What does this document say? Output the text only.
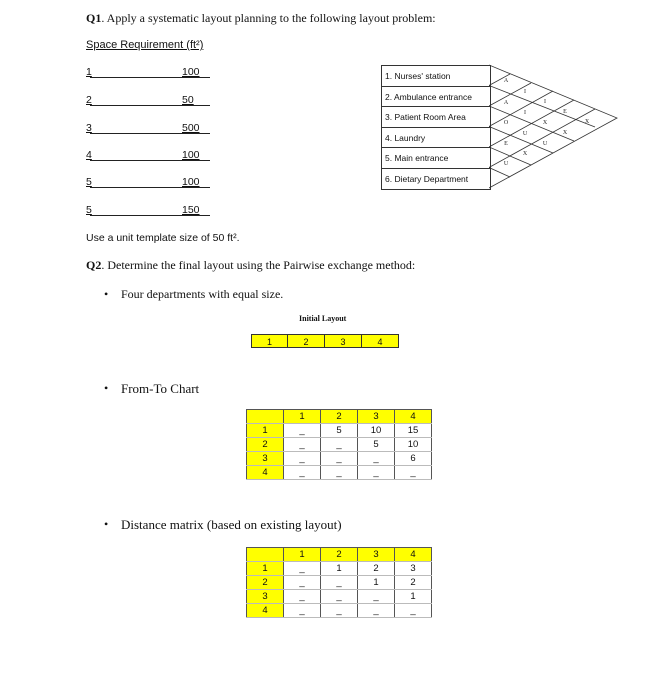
Q1. Apply a systematic layout planning to the following layout problem:
Space Requirement (ft²)
1	100
2	50
3	500
4	100
5	100
5	150
1. Nurses' station
2. Ambulance entrance
3. Patient Room Area
4. Laundry
5. Main entrance
6. Dietary Department
A
A
O
E
U
I
I
U
X
I
X
U
E
X
X
Use a unit template size of 50 ft².
Q2. Determine the final layout using the Pairwise exchange method:
• Four departments with equal size.
Initial Layout
1	2	3	4
• From-To Chart
	1	2	3	4
1	_	5	10	15
2	_	_	5	10
3	_	_	_	6
4	_	_	_	_
• Distance matrix (based on existing layout)
	1	2	3	4
1	_	1	2	3
2	_	_	1	2
3	_	_	_	1
4	_	_	_	_
